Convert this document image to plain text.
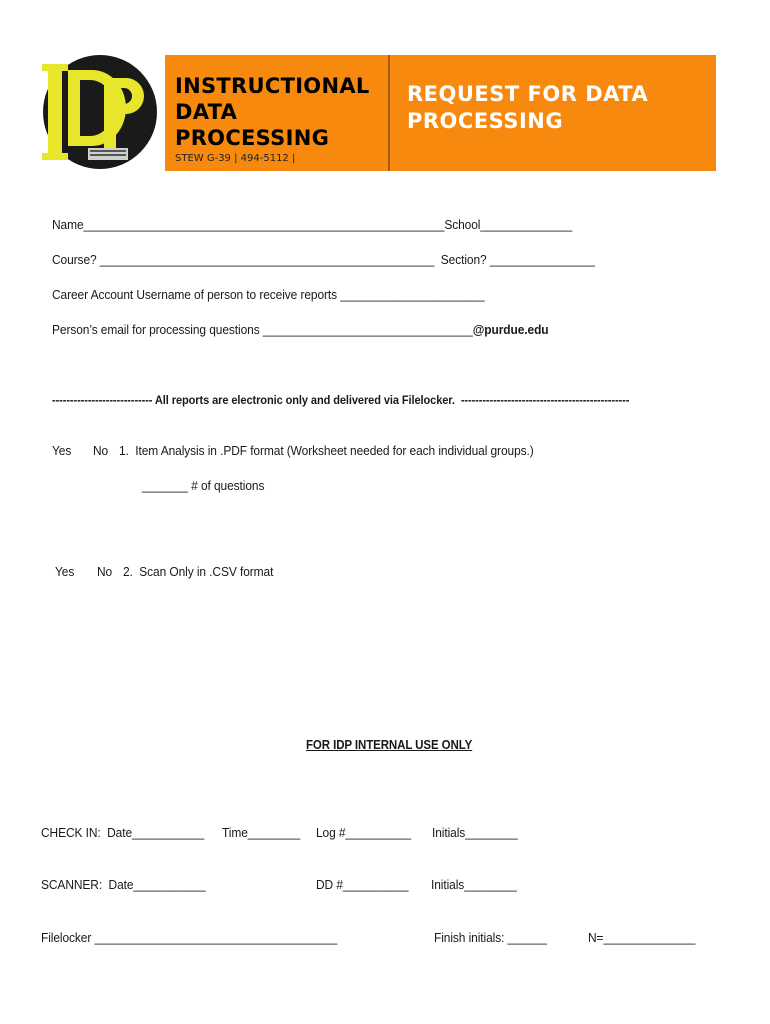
INSTRUCTIONAL
DATA
PROCESSING
STEW G-39 | 494-5112 |
REQUEST FOR DATA
PROCESSING
Name_______________________________________________________School______________
Course? ___________________________________________________  Section? ________________
Career Account Username of person to receive reports ______________________
Person’s email for processing questions ________________________________@purdue.edu
---------------------------- All reports are electronic only and delivered via Filelocker.  -----------------------------------------------
Yes No 1.  Item Analysis in .PDF format (Worksheet needed for each individual groups.)
_______ # of questions
Yes No 2.  Scan Only in .CSV format
FOR IDP INTERNAL USE ONLY
CHECK IN:  Date___________ Time________ Log #__________ Initials________
SCANNER:  Date___________	DD #__________ Initials________
Filelocker _____________________________________	Finish initials: ______	N=______________
